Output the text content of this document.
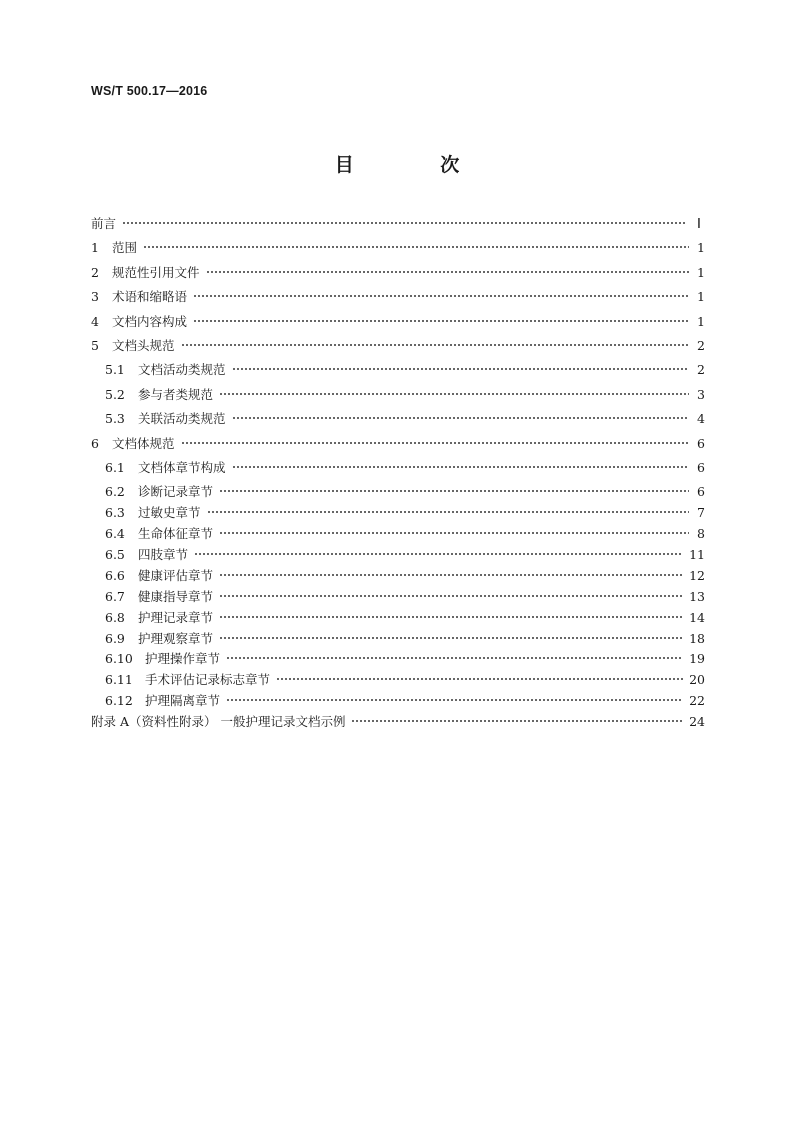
WS/T 500.17—2016
目 次
前言	Ⅰ
1	范围	1
2	规范性引用文件	1
3	术语和缩略语	1
4	文档内容构成	1
5	文档头规范	2
5.1	文档活动类规范	2
5.2	参与者类规范	3
5.3	关联活动类规范	4
6	文档体规范	6
6.1	文档体章节构成	6
6.2	诊断记录章节	6
6.3	过敏史章节	7
6.4	生命体征章节	8
6.5	四肢章节	11
6.6	健康评估章节	12
6.7	健康指导章节	13
6.8	护理记录章节	14
6.9	护理观察章节	18
6.10 护理操作章节	19
6.11 手术评估记录标志章节	20
6.12 护理隔离章节	22
附录 A（资料性附录） 一般护理记录文档示例	24
